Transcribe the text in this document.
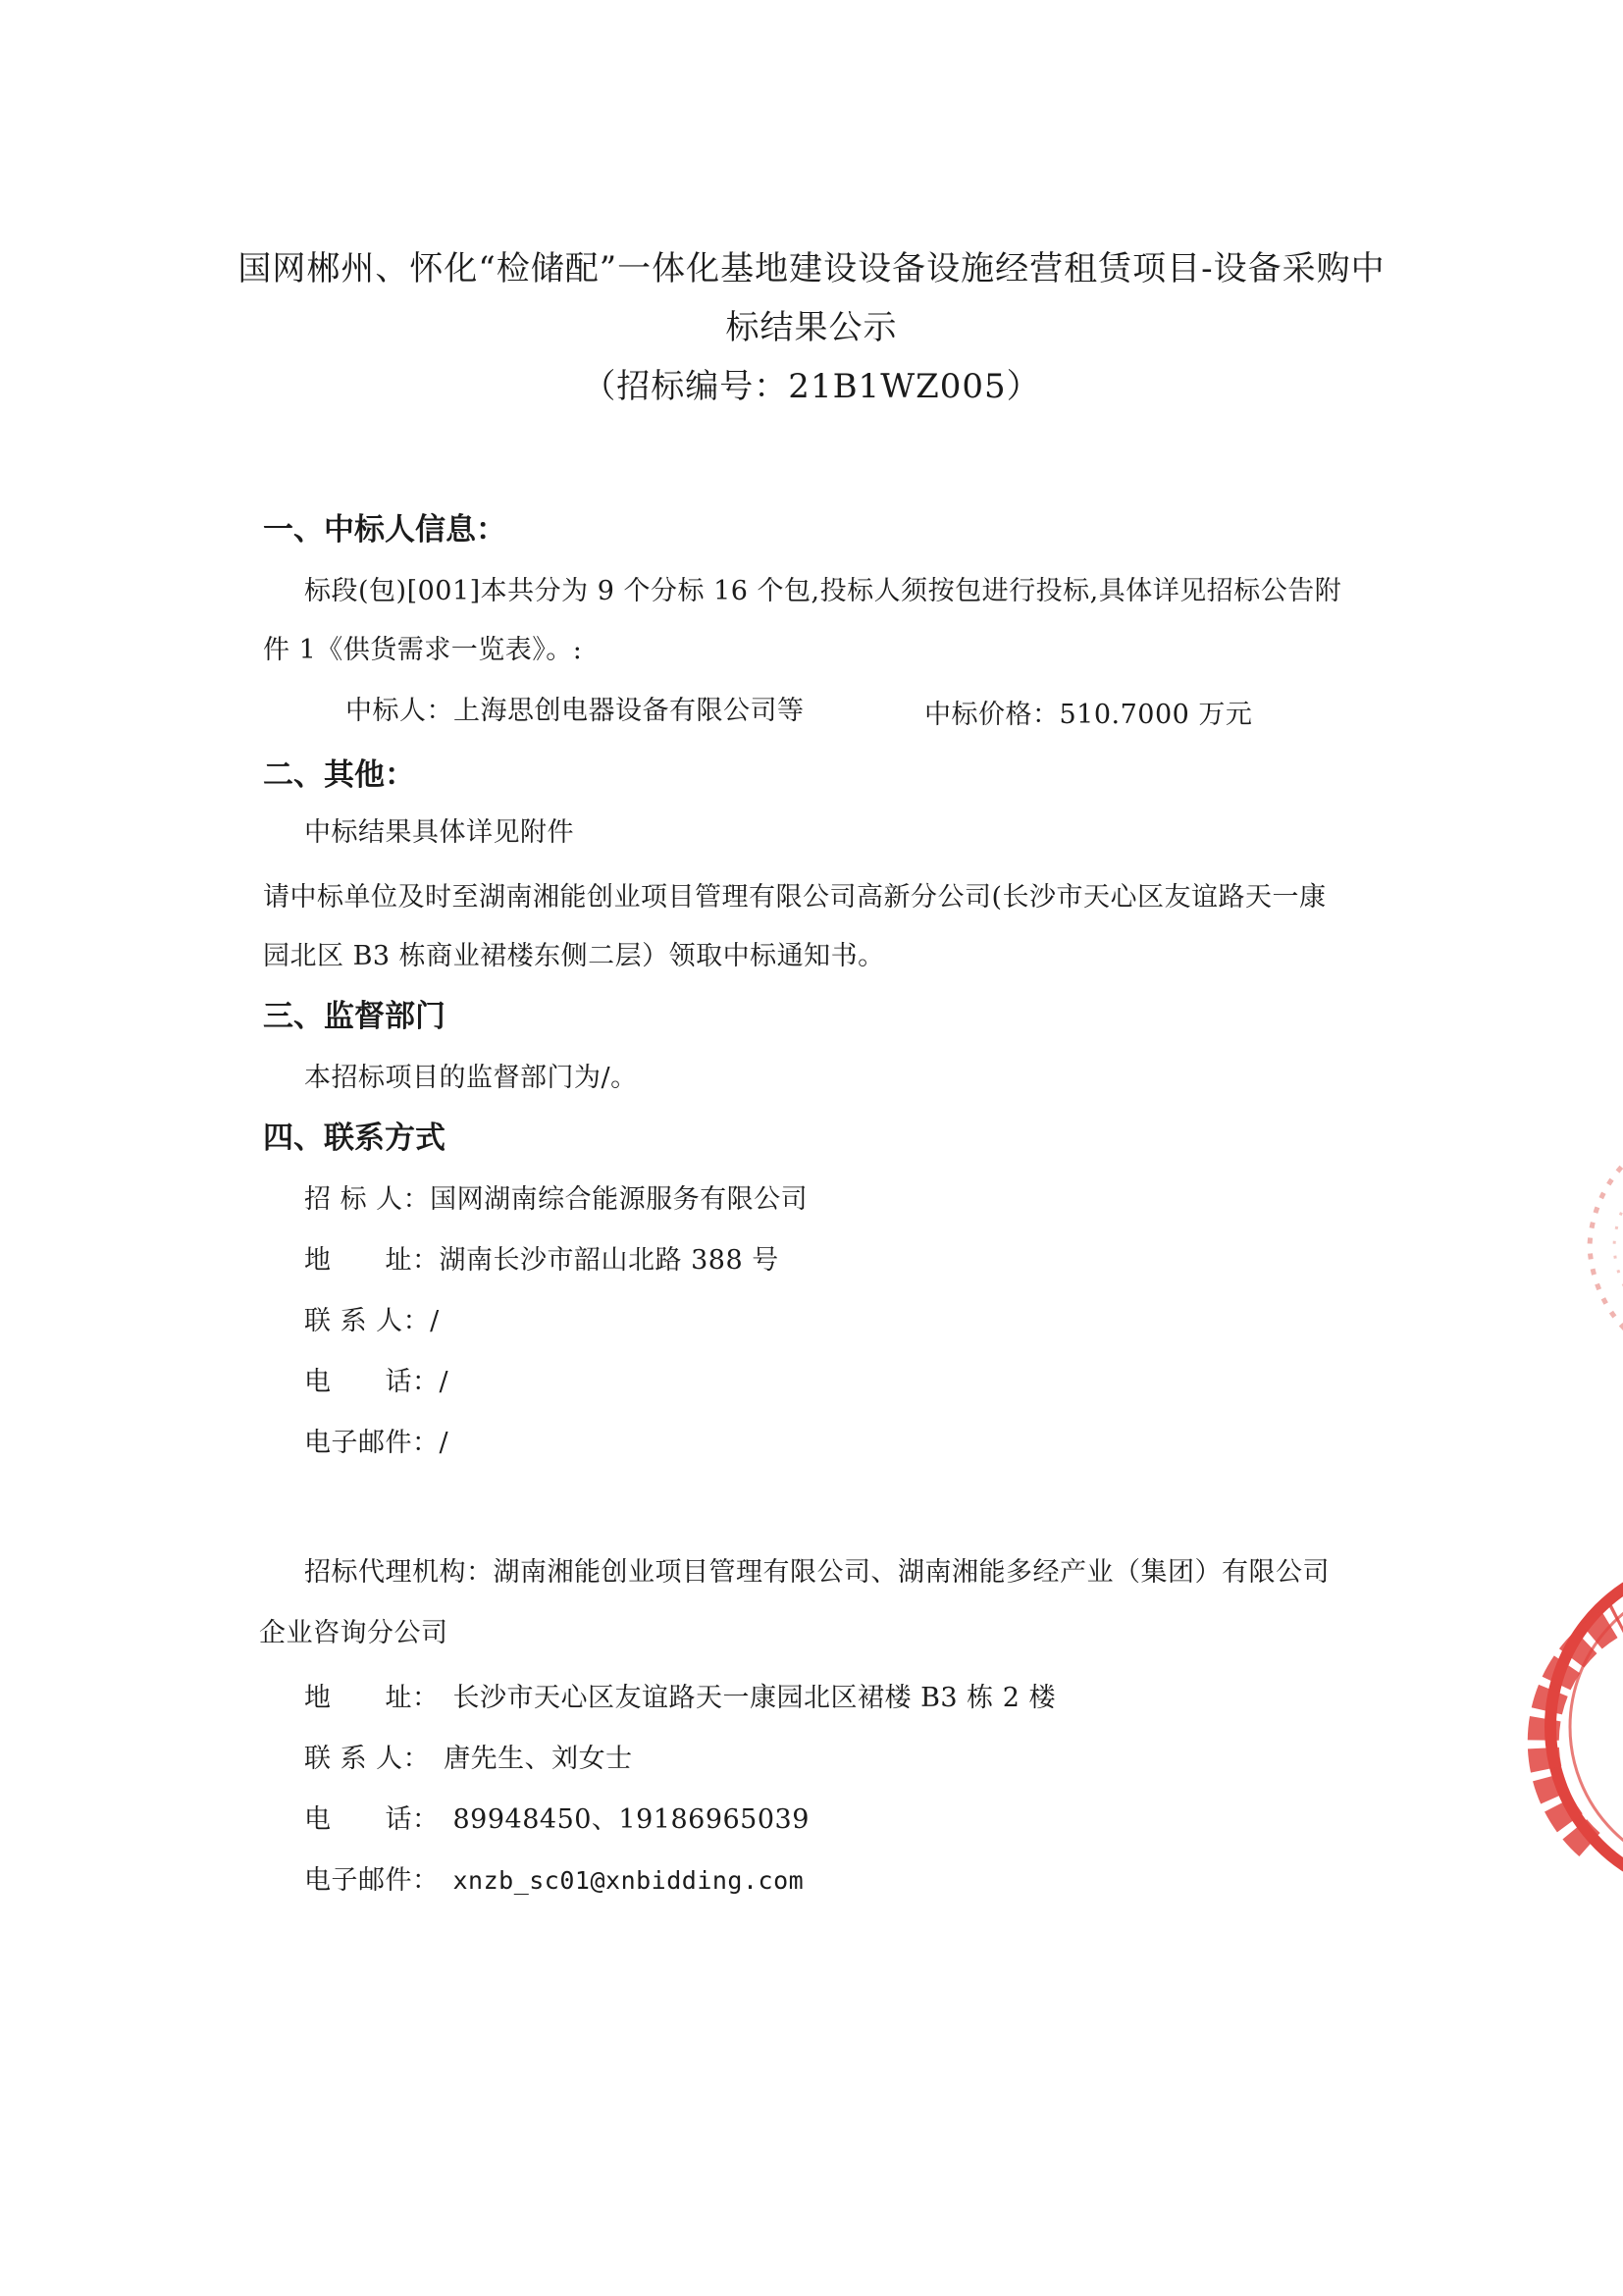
国网郴州、怀化“检储配”一体化基地建设设备设施经营租赁项目-设备采购中
标结果公示
（招标编号：21B1WZ005）
一、中标人信息：
标段(包)[001]本共分为 9 个分标 16 个包,投标人须按包进行投标,具体详见招标公告附
件 1《供货需求一览表》。:
中标人：上海思创电器设备有限公司等	中标价格：510.7000 万元
二、其他：
中标结果具体详见附件
请中标单位及时至湖南湘能创业项目管理有限公司高新分公司(长沙市天心区友谊路天一康
园北区 B3 栋商业裙楼东侧二层）领取中标通知书。
三、监督部门
本招标项目的监督部门为/。
四、联系方式
招 标 人：国网湖南综合能源服务有限公司
地　　址：湖南长沙市韶山北路 388 号
联 系 人：/
电　　话：/
电子邮件：/
招标代理机构：湖南湘能创业项目管理有限公司、湖南湘能多经产业（集团）有限公司
企业咨询分公司
地　　址： 长沙市天心区友谊路天一康园北区裙楼 B3 栋 2 楼
联 系 人： 唐先生、刘女士
电　　话： 89948450、19186965039
电子邮件： xnzb_sc01@xnbidding.com
